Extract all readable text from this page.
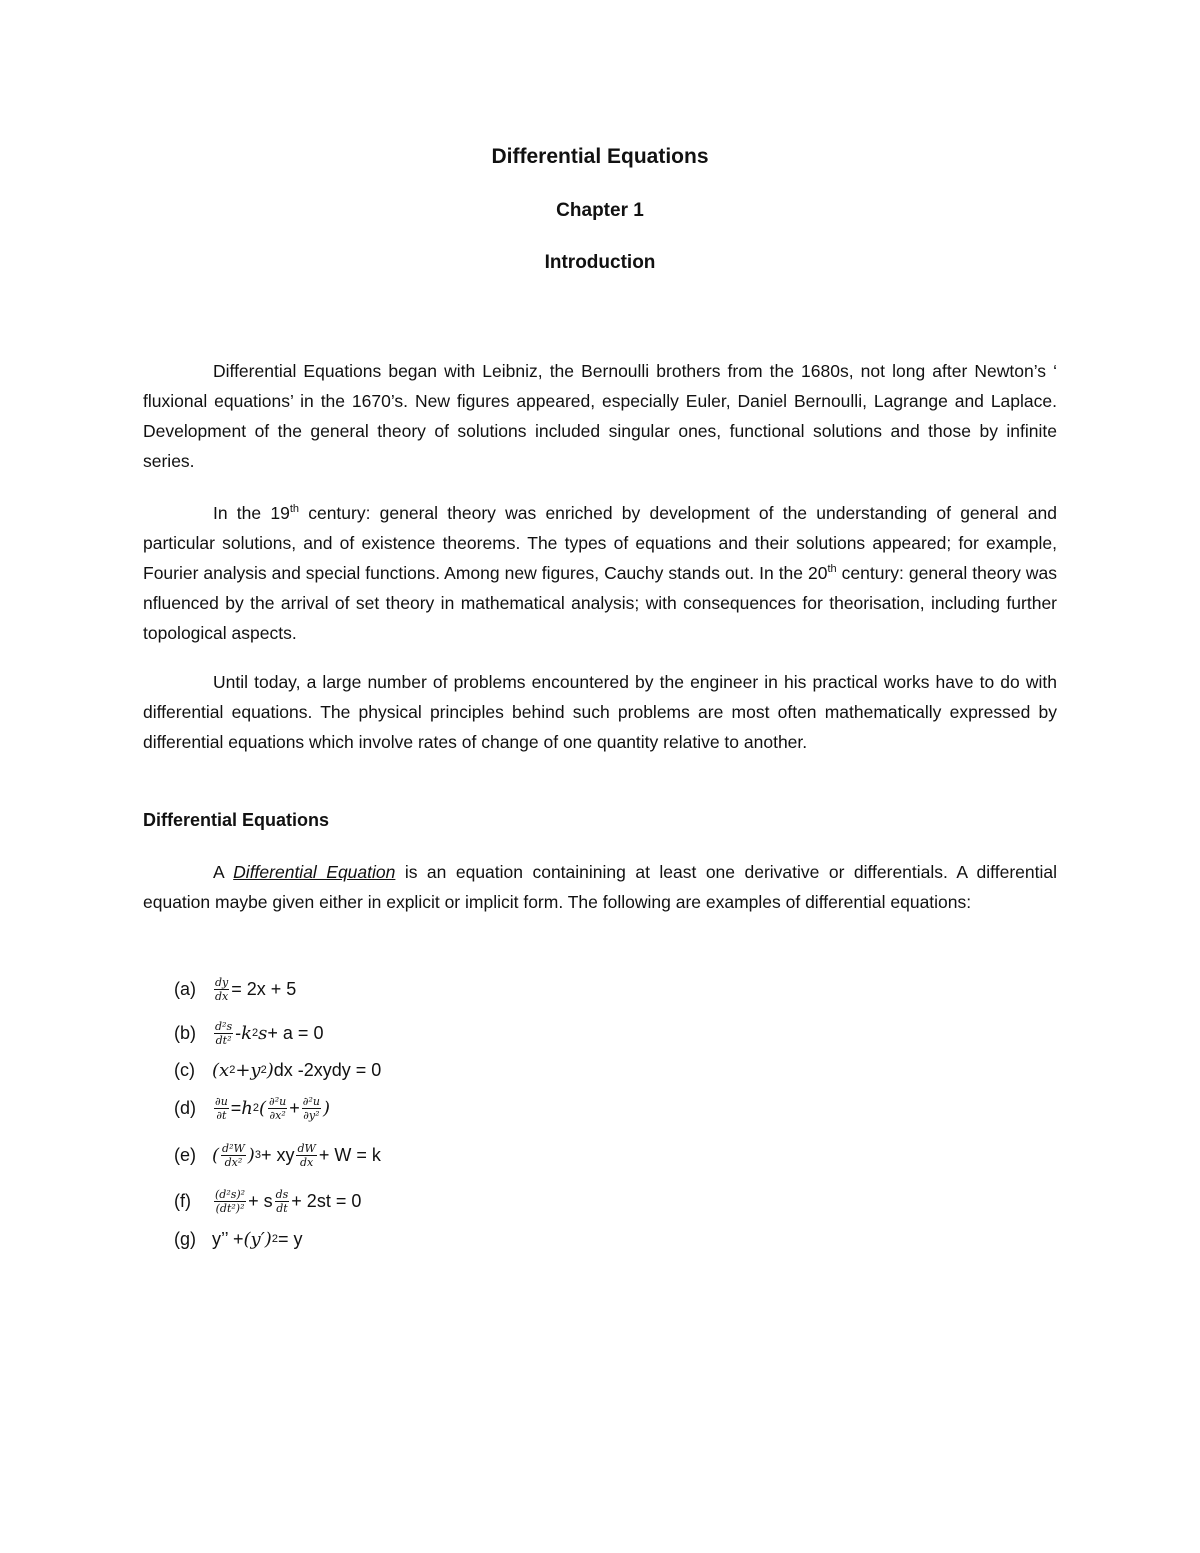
Differential Equations
Chapter 1
Introduction

Differential Equations began with Leibniz, the Bernoulli brothers from the 1680s, not long after Newton’s ‘ fluxional equations’ in the 1670’s. New figures appeared, especially Euler, Daniel Bernoulli, Lagrange and Laplace. Development of the general theory of solutions included singular ones, functional solutions and those by infinite series.

In the 19th century: general theory was enriched by development of the understanding of general and particular solutions, and of existence theorems. The types of equations and their solutions appeared; for example, Fourier analysis and special functions. Among new figures, Cauchy stands out. In the 20th century: general theory was nfluenced by the arrival of set theory in mathematical analysis; with consequences for theorisation, including further topological aspects.

Until today, a large number of problems encountered by the engineer in his practical works have to do with differential equations. The physical principles behind such problems are most often mathematically expressed by differential equations which involve rates of change of one quantity relative to another.

Differential Equations

A Differential Equation is an equation containining at least one derivative or differentials. A differential equation maybe given either in explicit or implicit form. The following are examples of differential equations:

(a)	$\frac{dy}{dx} = 2x + 5$
(b)	$\frac{\text{d²s}}{\text{dt²}}$ - k 2 s + a = 0
(c) ( x 2 + y 2 ) dx -2xydy = 0
(d)	$\frac{\partial u}{\partial t} = h$ 2 ( $\frac{\text{∂²u}}{\text{∂x²}} + \frac{\text{∂²u}}{\text{∂y²}}$ )
(e) ( $\frac{\text{d²W}}{\text{dx²}}$ ) 3 + xy $\frac{dW}{dx} + W = k$
(f)	$\frac{\text{(d²s)²}}{\text{(dt²)²}} + s \frac{ds}{dt} + 2st = 0$
(g) y’’ + (y′) 2 = y
